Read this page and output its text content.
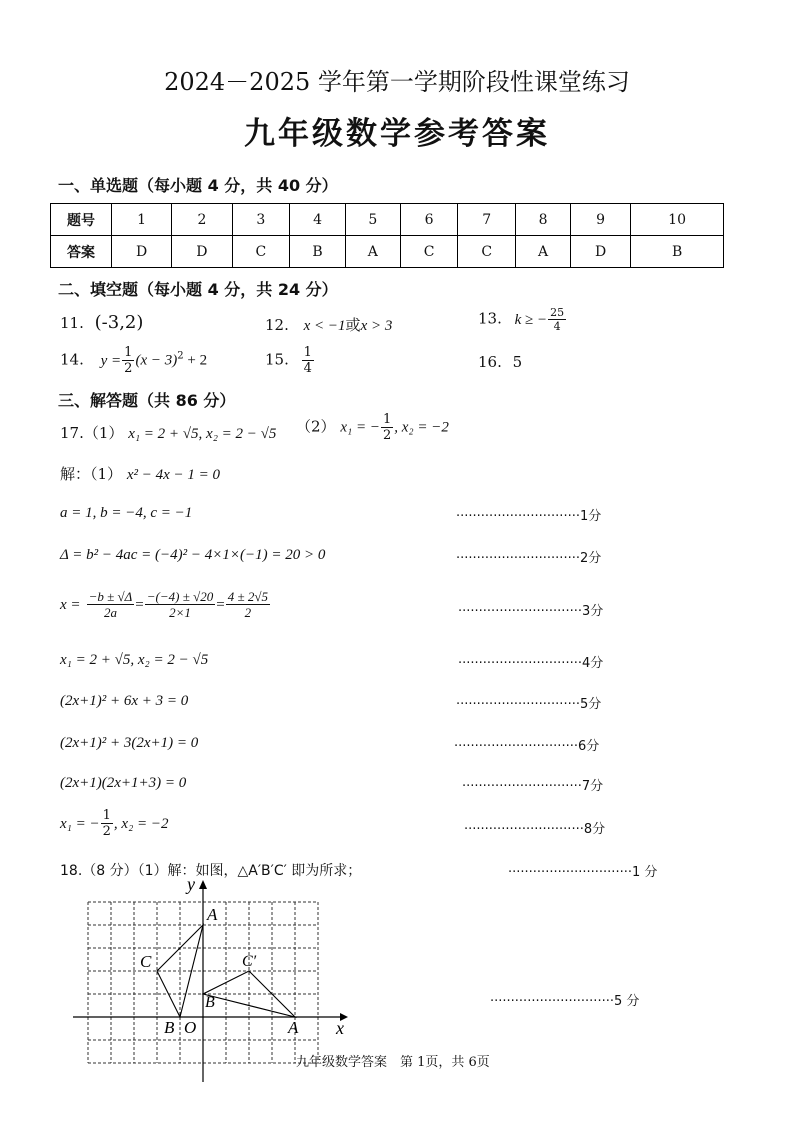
2024－2025 学年第一学期阶段性课堂练习
九年级数学参考答案
一、单选题（每小题 4 分，共 40 分）
题号	1	2	3	4	5	6	7	8	9	10
答案	D	D	C	B	A	C	C	A	D	B
二、填空题（每小题 4 分，共 24 分）
11. (-3,2)	12. x < −1或x > 3	13. k ≥ − $\frac{25}{4}$
14. $y = \frac{1}{2} (x - 3)^2 + 2$	15. $\frac{1}{4}$	16. 5
三、解答题（共 86 分）
17.（1） x₁ = 2 + √5, x₂ = 2 − √5 （2） x₁ = − $\frac{1}{2}$ , x₂ = −2
解：（1） x² − 4x − 1 = 0
a = 1, b = −4, c = −1	······························1分
Δ = b² − 4ac = (−4)² − 4×1×(−1) = 20 > 0	······························2分
$x = \frac{-b \pm √\Delta}{2a} = \frac{-(-4) \pm √20}{2\times 1} = \frac{4 \pm 2√5}{2}$	······························3分
x₁ = 2 + √5, x₂ = 2 − √5	······························4分
(2x+1)² + 6x + 3 = 0	······························5分
(2x+1)² + 3(2x+1) = 0	······························6分
(2x+1)(2x+1+3) = 0	·····························7分
x₁ = − $\frac{1}{2}$ , x₂ = −2	·····························8分
18.（8 分）（1）解：如图，△A′B′C′ 即为所求；	······························1 分
······························5 分
y
x
O
A
C
B	A
B
C′
九年级数学答案　第 1页，共 6页
